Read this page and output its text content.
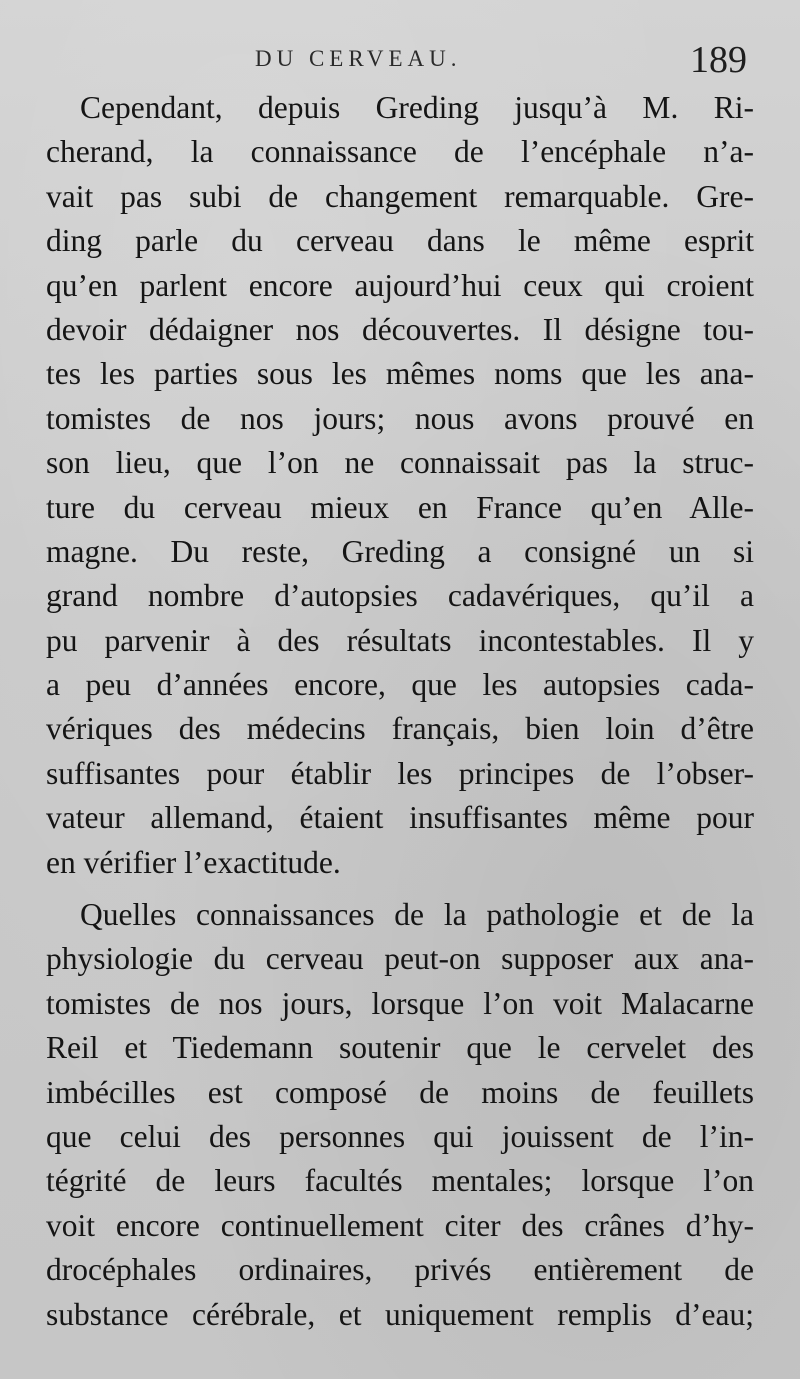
DU CERVEAU.	189
Cependant, depuis Greding jusqu’à M. Ri-
cherand, la connaissance de l’encéphale n’a-
vait pas subi de changement remarquable. Gre-
ding parle du cerveau dans le même esprit
qu’en parlent encore aujourd’hui ceux qui croient
devoir dédaigner nos découvertes. Il désigne tou-
tes les parties sous les mêmes noms que les ana-
tomistes de nos jours; nous avons prouvé en
son lieu, que l’on ne connaissait pas la struc-
ture du cerveau mieux en France qu’en Alle-
magne. Du reste, Greding a consigné un si
grand nombre d’autopsies cadavériques, qu’il a
pu parvenir à des résultats incontestables. Il y
a peu d’années encore, que les autopsies cada-
vériques des médecins français, bien loin d’être
suffisantes pour établir les principes de l’obser-
vateur allemand, étaient insuffisantes même pour
en vérifier l’exactitude.
Quelles connaissances de la pathologie et de la
physiologie du cerveau peut-on supposer aux ana-
tomistes de nos jours, lorsque l’on voit Malacarne
Reil et Tiedemann soutenir que le cervelet des
imbécilles est composé de moins de feuillets
que celui des personnes qui jouissent de l’in-
tégrité de leurs facultés mentales; lorsque l’on
voit encore continuellement citer des crânes d’hy-
drocéphales ordinaires, privés entièrement de
substance cérébrale, et uniquement remplis d’eau;
